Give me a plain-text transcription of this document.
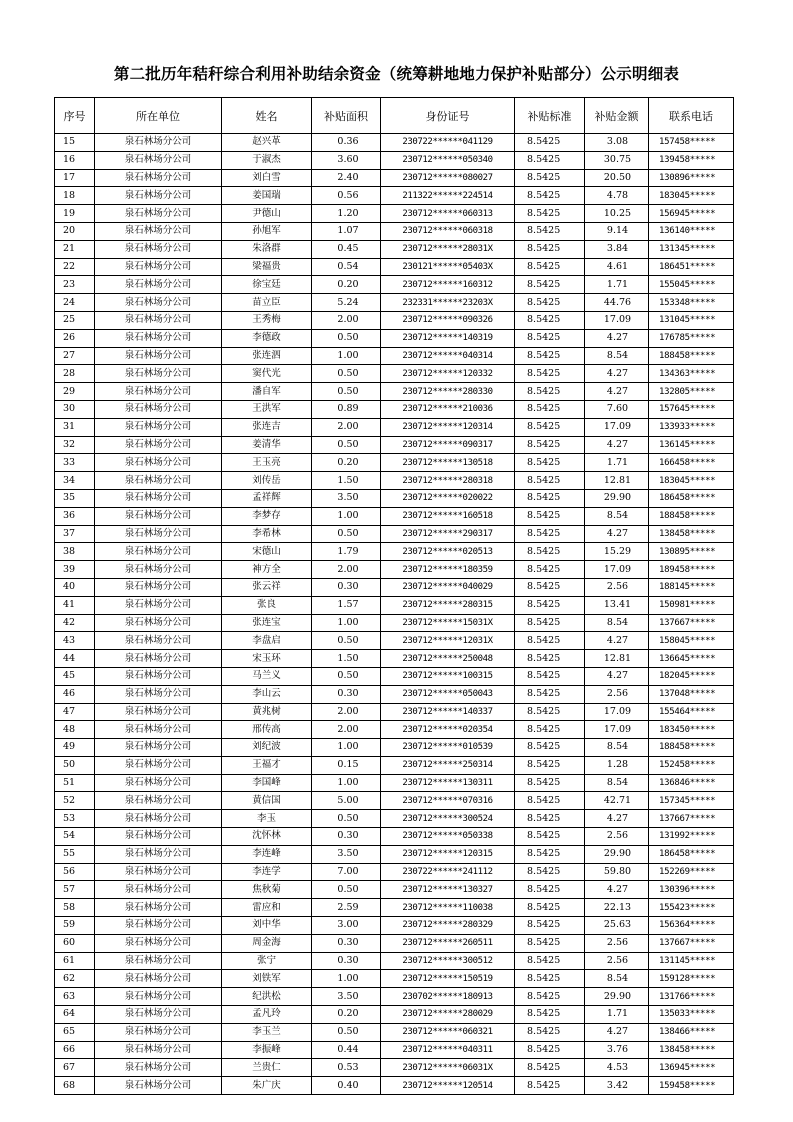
第二批历年秸秆综合利用补助结余资金（统筹耕地地力保护补贴部分）公示明细表
序号	所在单位	姓名	补贴面积	身份证号	补贴标准	补贴金额	联系电话
15	泉石林场分公司	赵兴革	0.36	230722******041129	8.5425	3.08	157458*****
16	泉石林场分公司	于淑杰	3.60	230712******050340	8.5425	30.75	139458*****
17	泉石林场分公司	刘白雪	2.40	230712******080027	8.5425	20.50	130896*****
18	泉石林场分公司	姜国瑞	0.56	211322******224514	8.5425	4.78	183045*****
19	泉石林场分公司	尹德山	1.20	230712******060313	8.5425	10.25	156945*****
20	泉石林场分公司	孙旭军	1.07	230712******060318	8.5425	9.14	136140*****
21	泉石林场分公司	朱洛群	0.45	230712******28031X	8.5425	3.84	131345*****
22	泉石林场分公司	梁福贵	0.54	230121******05403X	8.5425	4.61	186451*****
23	泉石林场分公司	徐宝廷	0.20	230712******160312	8.5425	1.71	155045*****
24	泉石林场分公司	苗立臣	5.24	232331******23203X	8.5425	44.76	153348*****
25	泉石林场分公司	王秀梅	2.00	230712******090326	8.5425	17.09	131045*****
26	泉石林场分公司	李德政	0.50	230712******140319	8.5425	4.27	176785*****
27	泉石林场分公司	张连泗	1.00	230712******040314	8.5425	8.54	188458*****
28	泉石林场分公司	窦代光	0.50	230712******120332	8.5425	4.27	134363*****
29	泉石林场分公司	潘自军	0.50	230712******280330	8.5425	4.27	132805*****
30	泉石林场分公司	王洪军	0.89	230712******210036	8.5425	7.60	157645*****
31	泉石林场分公司	张连吉	2.00	230712******120314	8.5425	17.09	133933*****
32	泉石林场分公司	姜清华	0.50	230712******090317	8.5425	4.27	136145*****
33	泉石林场分公司	王玉亮	0.20	230712******130518	8.5425	1.71	166458*****
34	泉石林场分公司	刘传岳	1.50	230712******280318	8.5425	12.81	183045*****
35	泉石林场分公司	孟祥辉	3.50	230712******020022	8.5425	29.90	186458*****
36	泉石林场分公司	李梦存	1.00	230712******160518	8.5425	8.54	188458*****
37	泉石林场分公司	李希林	0.50	230712******290317	8.5425	4.27	138458*****
38	泉石林场分公司	宋德山	1.79	230712******020513	8.5425	15.29	130895*****
39	泉石林场分公司	神方全	2.00	230712******180359	8.5425	17.09	189458*****
40	泉石林场分公司	张云祥	0.30	230712******040029	8.5425	2.56	188145*****
41	泉石林场分公司	张良	1.57	230712******280315	8.5425	13.41	150981*****
42	泉石林场分公司	张连宝	1.00	230712******15031X	8.5425	8.54	137667*****
43	泉石林场分公司	李盘启	0.50	230712******12031X	8.5425	4.27	158045*****
44	泉石林场分公司	宋玉环	1.50	230712******250048	8.5425	12.81	136645*****
45	泉石林场分公司	马兰义	0.50	230712******100315	8.5425	4.27	182045*****
46	泉石林场分公司	李山云	0.30	230712******050043	8.5425	2.56	137048*****
47	泉石林场分公司	黄兆树	2.00	230712******140337	8.5425	17.09	155464*****
48	泉石林场分公司	邢传高	2.00	230712******020354	8.5425	17.09	183450*****
49	泉石林场分公司	刘纪波	1.00	230712******010539	8.5425	8.54	188458*****
50	泉石林场分公司	王福才	0.15	230712******250314	8.5425	1.28	152458*****
51	泉石林场分公司	李国峰	1.00	230712******130311	8.5425	8.54	136846*****
52	泉石林场分公司	黄信国	5.00	230712******070316	8.5425	42.71	157345*****
53	泉石林场分公司	李玉	0.50	230712******300524	8.5425	4.27	137667*****
54	泉石林场分公司	沈怀林	0.30	230712******050338	8.5425	2.56	131992*****
55	泉石林场分公司	李连峰	3.50	230712******120315	8.5425	29.90	186458*****
56	泉石林场分公司	李连学	7.00	230722******241112	8.5425	59.80	152269*****
57	泉石林场分公司	焦秋菊	0.50	230712******130327	8.5425	4.27	130396*****
58	泉石林场分公司	雷应和	2.59	230712******110038	8.5425	22.13	155423*****
59	泉石林场分公司	刘中华	3.00	230712******280329	8.5425	25.63	156364*****
60	泉石林场分公司	周金海	0.30	230712******260511	8.5425	2.56	137667*****
61	泉石林场分公司	张宁	0.30	230712******300512	8.5425	2.56	131145*****
62	泉石林场分公司	刘铁军	1.00	230712******150519	8.5425	8.54	159128*****
63	泉石林场分公司	纪洪松	3.50	230702******180913	8.5425	29.90	131766*****
64	泉石林场分公司	孟凡玲	0.20	230712******280029	8.5425	1.71	135033*****
65	泉石林场分公司	李玉兰	0.50	230712******060321	8.5425	4.27	138466*****
66	泉石林场分公司	李振峰	0.44	230712******040311	8.5425	3.76	138458*****
67	泉石林场分公司	兰贵仁	0.53	230712******06031X	8.5425	4.53	136945*****
68	泉石林场分公司	朱广庆	0.40	230712******120514	8.5425	3.42	159458*****
